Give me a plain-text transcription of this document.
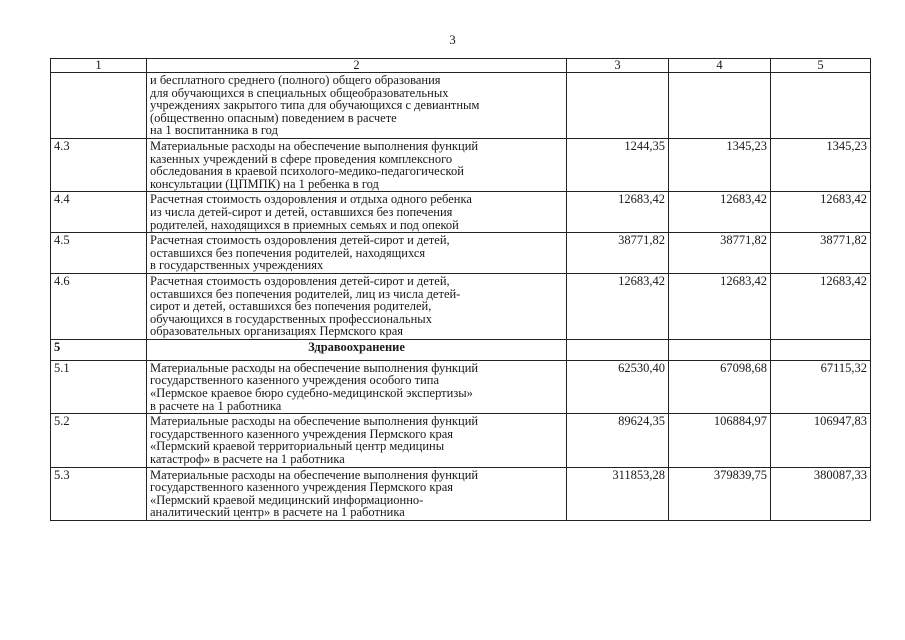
3
1	2	3	4	5

	и бесплатного среднего (полного) общего образования
для обучающихся в специальных общеобразовательных
учреждениях закрытого типа для обучающихся с девиантным
(общественно опасным) поведением в расчете
на 1 воспитанника в год			

4.3	Материальные расходы на обеспечение выполнения функций
казенных учреждений в сфере проведения комплексного
обследования в краевой психолого-медико-педагогической
консультации (ЦПМПК) на 1 ребенка в год	1244,35	1345,23	1345,23
4.4	Расчетная стоимость оздоровления и отдыха одного ребенка
из числа детей-сирот и детей, оставшихся без попечения
родителей, находящихся в приемных семьях и под опекой	12683,42	12683,42	12683,42
4.5	Расчетная стоимость оздоровления детей-сирот и детей,
оставшихся без попечения родителей, находящихся
в государственных учреждениях	38771,82	38771,82	38771,82
4.6	Расчетная стоимость оздоровления детей-сирот и детей,
оставшихся без попечения родителей, лиц из числа детей-
сирот и детей, оставшихся без попечения родителей,
обучающихся в государственных профессиональных
образовательных организациях Пермского края	12683,42	12683,42	12683,42
5	Здравоохранение			
5.1	Материальные расходы на обеспечение выполнения функций
государственного казенного учреждения особого типа
«Пермское краевое бюро судебно-медицинской экспертизы»
в расчете на 1 работника	62530,40	67098,68	67115,32
5.2	Материальные расходы на обеспечение выполнения функций
государственного казенного учреждения Пермского края
«Пермский краевой территориальный центр медицины
катастроф» в расчете на 1 работника	89624,35	106884,97	106947,83
5.3	Материальные расходы на обеспечение выполнения функций
государственного казенного учреждения Пермского края
«Пермский краевой медицинский информационно-
аналитический центр» в расчете на 1 работника	311853,28	379839,75	380087,33
